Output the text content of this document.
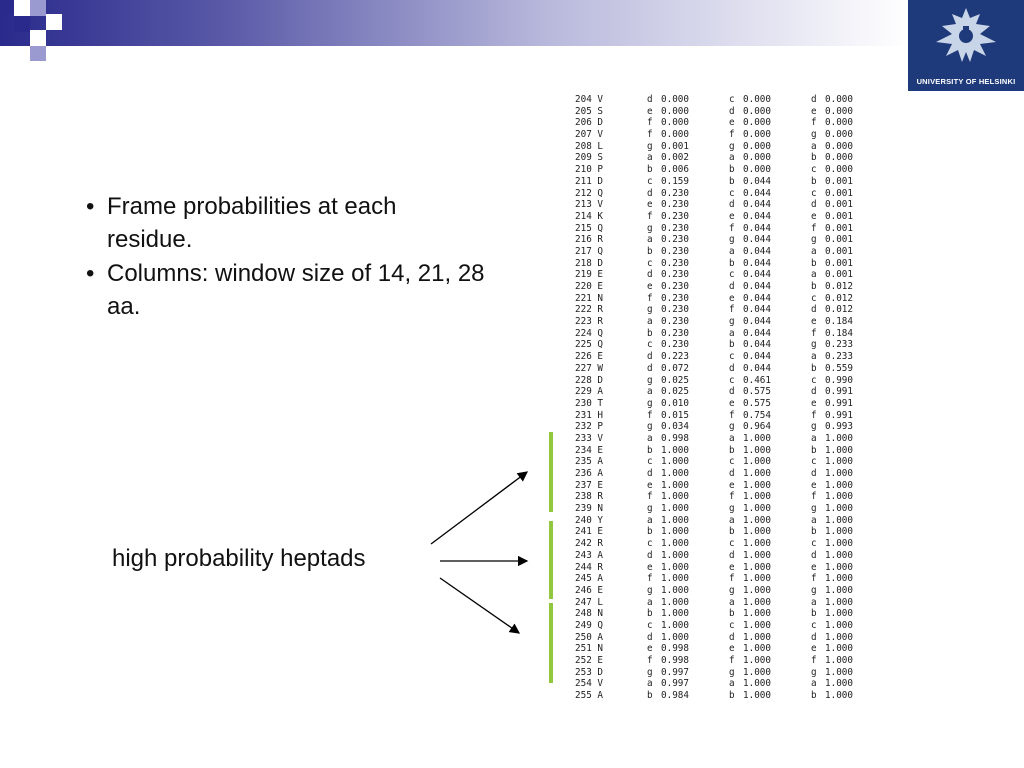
UNIVERSITY OF HELSINKI
• Frame probabilities at each residue.
• Columns: window size of 14, 21, 28 aa.
high probability heptads
204 V	d 0.000	c 0.000	d 0.000
205 S	e 0.000	d 0.000	e 0.000
206 D	f 0.000	e 0.000	f 0.000
207 V	f 0.000	f 0.000	g 0.000
208 L	g 0.001	g 0.000	a 0.000
209 S	a 0.002	a 0.000	b 0.000
210 P	b 0.006	b 0.000	c 0.000
211 D	c 0.159	b 0.044	b 0.001
212 Q	d 0.230	c 0.044	c 0.001
213 V	e 0.230	d 0.044	d 0.001
214 K	f 0.230	e 0.044	e 0.001
215 Q	g 0.230	f 0.044	f 0.001
216 R	a 0.230	g 0.044	g 0.001
217 Q	b 0.230	a 0.044	a 0.001
218 D	c 0.230	b 0.044	b 0.001
219 E	d 0.230	c 0.044	a 0.001
220 E	e 0.230	d 0.044	b 0.012
221 N	f 0.230	e 0.044	c 0.012
222 R	g 0.230	f 0.044	d 0.012
223 R	a 0.230	g 0.044	e 0.184
224 Q	b 0.230	a 0.044	f 0.184
225 Q	c 0.230	b 0.044	g 0.233
226 E	d 0.223	c 0.044	a 0.233
227 W	d 0.072	d 0.044	b 0.559
228 D	g 0.025	c 0.461	c 0.990
229 A	a 0.025	d 0.575	d 0.991
230 T	g 0.010	e 0.575	e 0.991
231 H	f 0.015	f 0.754	f 0.991
232 P	g 0.034	g 0.964	g 0.993
233 V	a 0.998	a 1.000	a 1.000
234 E	b 1.000	b 1.000	b 1.000
235 A	c 1.000	c 1.000	c 1.000
236 A	d 1.000	d 1.000	d 1.000
237 E	e 1.000	e 1.000	e 1.000
238 R	f 1.000	f 1.000	f 1.000
239 N	g 1.000	g 1.000	g 1.000
240 Y	a 1.000	a 1.000	a 1.000
241 E	b 1.000	b 1.000	b 1.000
242 R	c 1.000	c 1.000	c 1.000
243 A	d 1.000	d 1.000	d 1.000
244 R	e 1.000	e 1.000	e 1.000
245 A	f 1.000	f 1.000	f 1.000
246 E	g 1.000	g 1.000	g 1.000
247 L	a 1.000	a 1.000	a 1.000
248 N	b 1.000	b 1.000	b 1.000
249 Q	c 1.000	c 1.000	c 1.000
250 A	d 1.000	d 1.000	d 1.000
251 N	e 0.998	e 1.000	e 1.000
252 E	f 0.998	f 1.000	f 1.000
253 D	g 0.997	g 1.000	g 1.000
254 V	a 0.997	a 1.000	a 1.000
255 A	b 0.984	b 1.000	b 1.000
